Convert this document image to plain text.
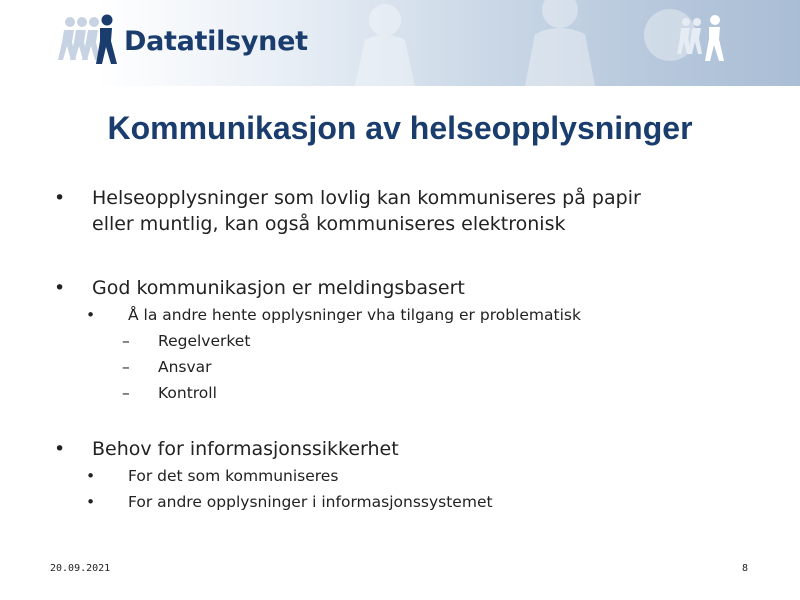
Datatilsynet
Kommunikasjon av helseopplysninger
• Helseopplysninger som lovlig kan kommuniseres på papir
eller muntlig, kan også kommuniseres elektronisk
• God kommunikasjon er meldingsbasert
• Å la andre hente opplysninger vha tilgang er problematisk
– Regelverket
– Ansvar
– Kontroll
• Behov for informasjonssikkerhet
• For det som kommuniseres
• For andre opplysninger i informasjonssystemet
20.09.2021	8
